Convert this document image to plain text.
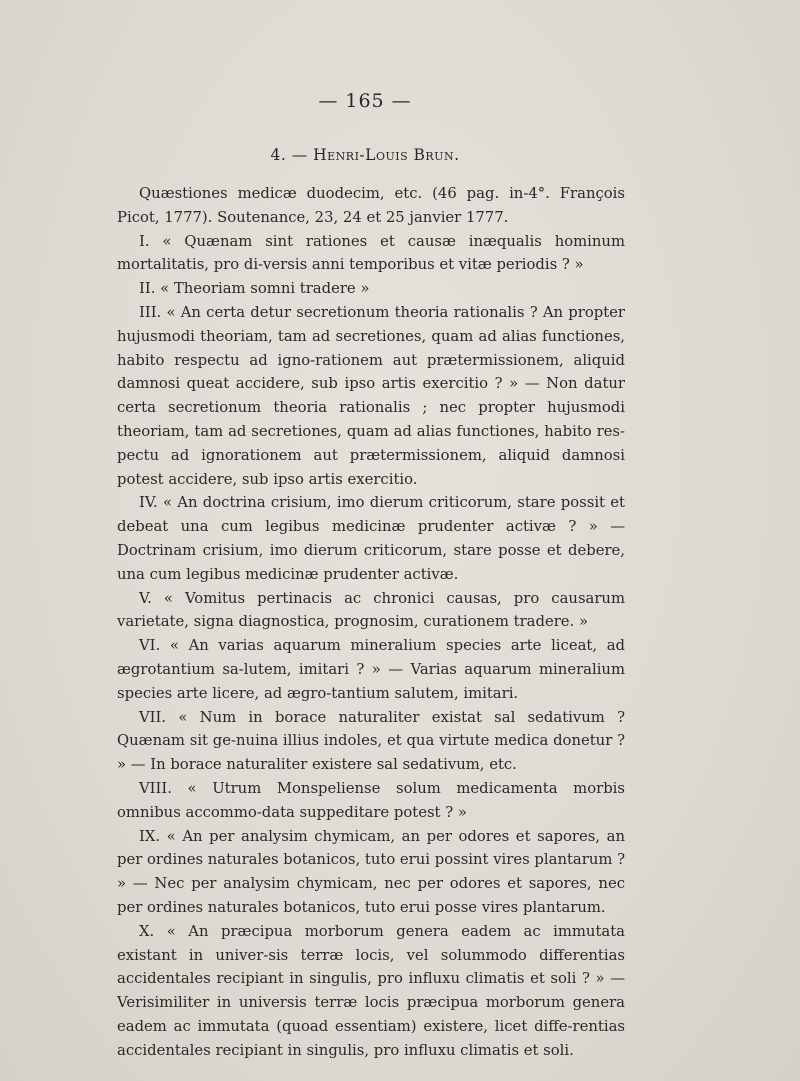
— 165 —
4. — Henri-Louis Brun.

Quæstiones medicæ duodecim, etc. (46 pag. in-4°. François Picot, 1777). Soutenance, 23, 24 et 25 janvier 1777.

I. « Quænam sint rationes et causæ inæqualis hominum mortalitatis, pro di-versis anni temporibus et vitæ periodis ? »

II. « Theoriam somni tradere »

III. « An certa detur secretionum theoria rationalis ? An propter hujusmodi theoriam, tam ad secretiones, quam ad alias functiones, habito respectu ad igno-rationem aut prætermissionem, aliquid damnosi queat accidere, sub ipso artis exercitio ? » — Non datur certa secretionum theoria rationalis ; nec propter hujusmodi theoriam, tam ad secretiones, quam ad alias functiones, habito res-pectu ad ignorationem aut prætermissionem, aliquid damnosi potest accidere, sub ipso artis exercitio.

IV. « An doctrina crisium, imo dierum criticorum, stare possit et debeat una cum legibus medicinæ prudenter activæ ? » — Doctrinam crisium, imo dierum criticorum, stare posse et debere, una cum legibus medicinæ prudenter activæ.

V. « Vomitus pertinacis ac chronici causas, pro causarum varietate, signa diagnostica, prognosim, curationem tradere. »

VI. « An varias aquarum mineralium species arte liceat, ad ægrotantium sa-lutem, imitari ? » — Varias aquarum mineralium species arte licere, ad ægro-tantium salutem, imitari.

VII. « Num in borace naturaliter existat sal sedativum ? Quænam sit ge-nuina illius indoles, et qua virtute medica donetur ? » — In borace naturaliter existere sal sedativum, etc.

VIII. « Utrum Monspeliense solum medicamenta morbis omnibus accommo-data suppeditare potest ? »

IX. « An per analysim chymicam, an per odores et sapores, an per ordines naturales botanicos, tuto erui possint vires plantarum ? » — Nec per analysim chymicam, nec per odores et sapores, nec per ordines naturales botanicos, tuto erui posse vires plantarum.

X. « An præcipua morborum genera eadem ac immutata existant in univer-sis terræ locis, vel solummodo differentias accidentales recipiant in singulis, pro influxu climatis et soli ? » — Verisimiliter in universis terræ locis præcipua morborum genera eadem ac immutata (quoad essentiam) existere, licet diffe-rentias accidentales recipiant in singulis, pro influxu climatis et soli.
